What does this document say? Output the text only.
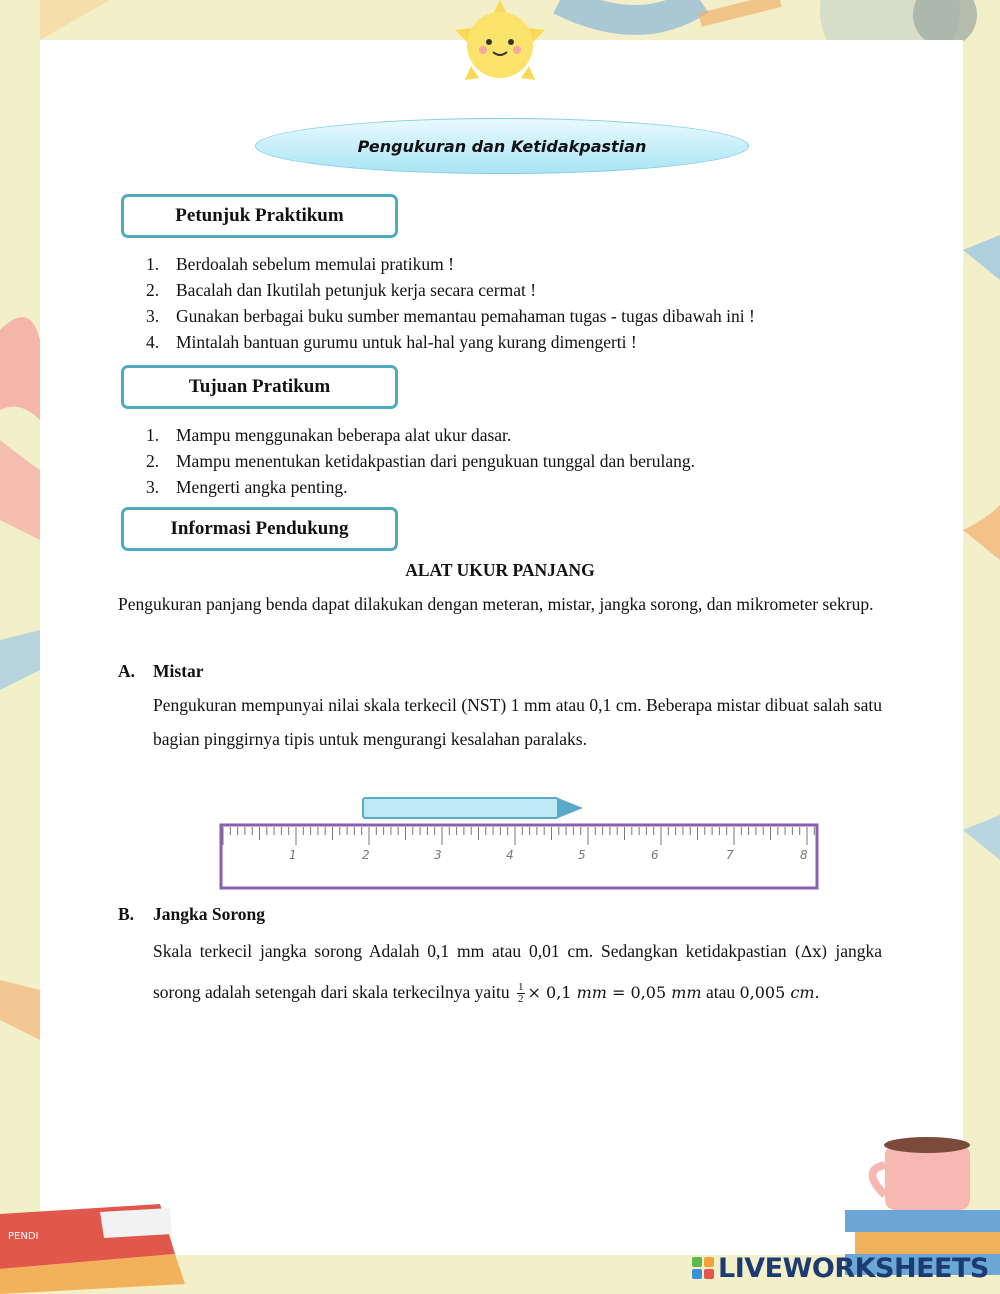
PENDI
Pengukuran dan Ketidakpastian
Petunjuk Praktikum
1. Berdoalah sebelum memulai pratikum !
2. Bacalah dan Ikutilah petunjuk kerja secara cermat !
3. Gunakan berbagai buku sumber memantau pemahaman tugas - tugas dibawah ini !
4. Mintalah bantuan gurumu untuk hal-hal yang kurang dimengerti !
Tujuan Pratikum
1. Mampu menggunakan beberapa alat ukur dasar.
2. Mampu menentukan ketidakpastian dari pengukuan tunggal dan berulang.
3. Mengerti angka penting.
Informasi Pendukung
ALAT UKUR PANJANG
Pengukuran panjang benda dapat dilakukan dengan meteran, mistar, jangka sorong, dan mikrometer sekrup.
A. Mistar
Pengukuran mempunyai nilai skala terkecil (NST) 1 mm atau 0,1 cm. Beberapa mistar dibuat salah satu bagian pinggirnya tipis untuk mengurangi kesalahan paralaks.
1	2	3	4	5	6	7	8
B. Jangka Sorong
Skala terkecil jangka sorong Adalah 0,1 mm atau 0,01 cm. Sedangkan ketidakpastian (Δx) jangka sorong adalah setengah dari skala terkecilnya yaitu $\frac{1}{2} \times 0,1$ mm = 0,05 mm atau 0,005 cm.
LIVEWORKSHEETS
